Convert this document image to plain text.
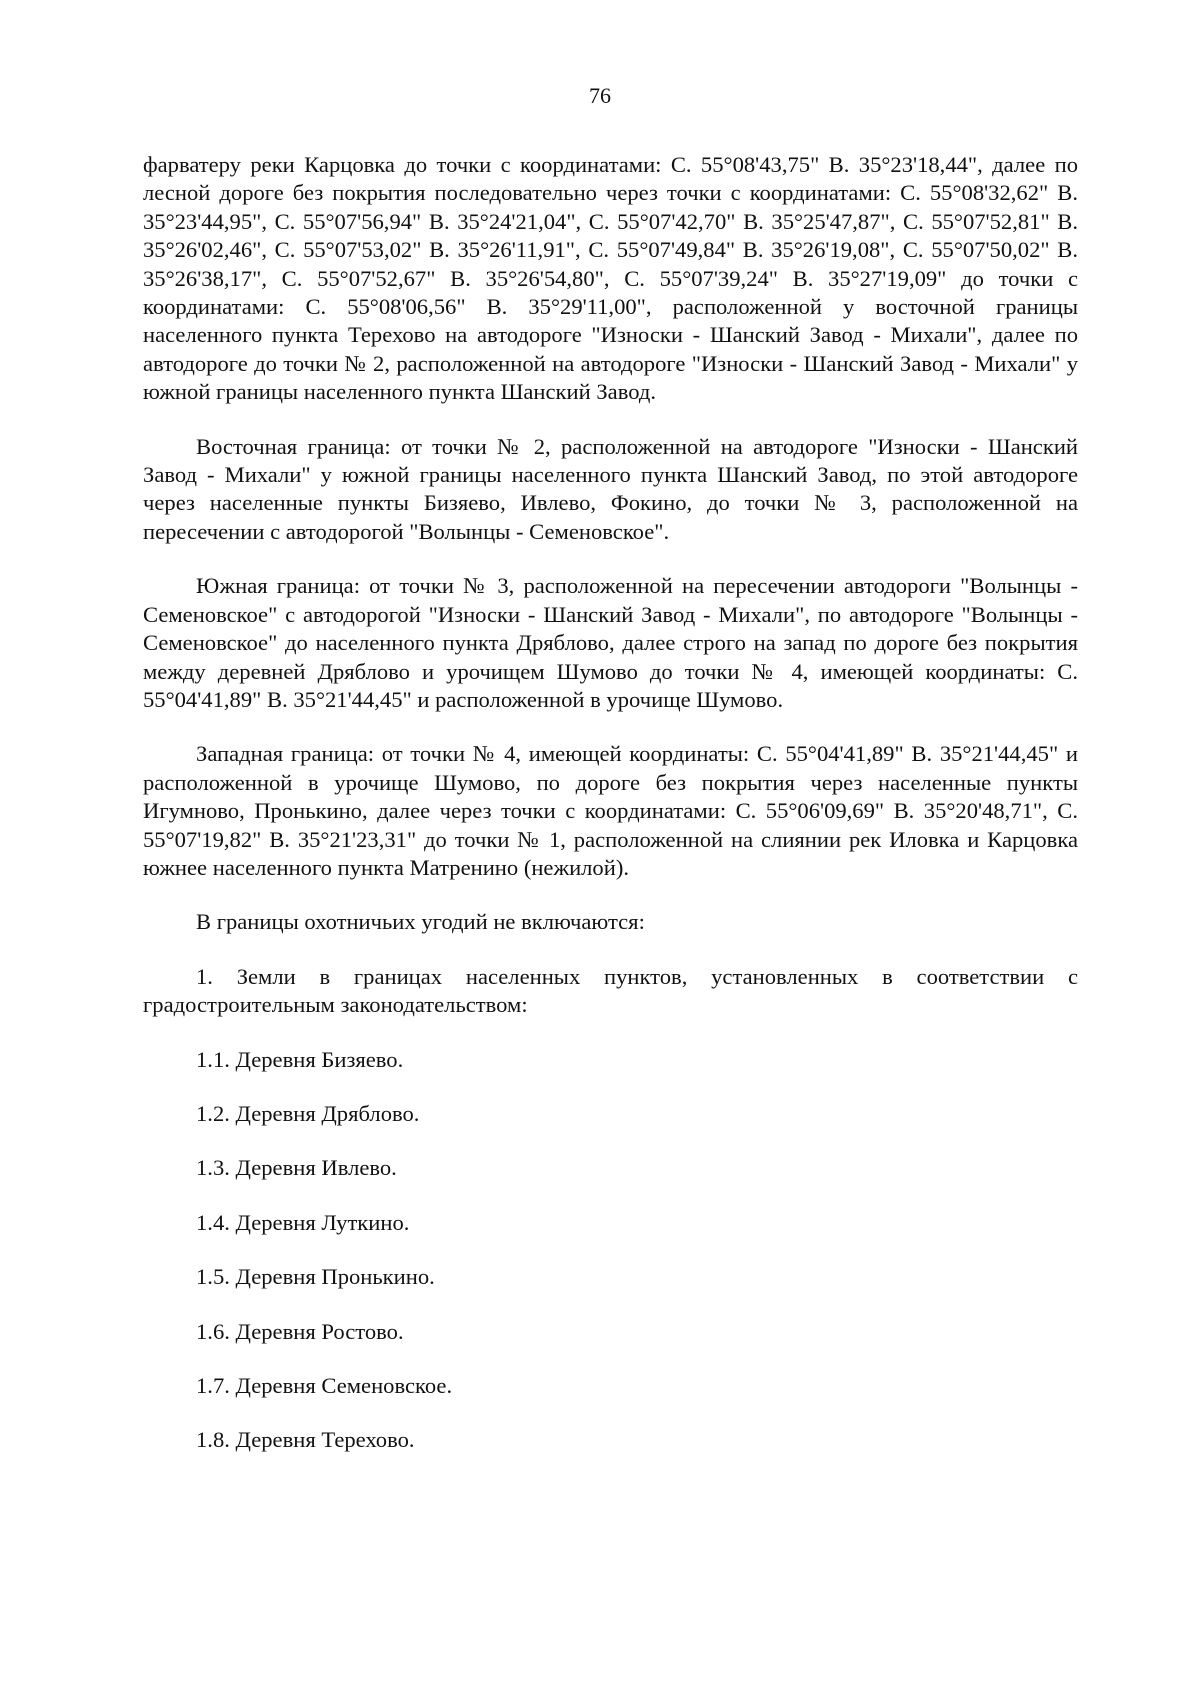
76

фарватеру реки Карцовка до точки с координатами: С. 55°08'43,75" В. 35°23'18,44", далее по лесной дороге без покрытия последовательно через точки с координатами: С. 55°08'32,62" В. 35°23'44,95", С. 55°07'56,94" В. 35°24'21,04", С. 55°07'42,70" В. 35°25'47,87", С. 55°07'52,81" В. 35°26'02,46", С. 55°07'53,02" В. 35°26'11,91", С. 55°07'49,84" В. 35°26'19,08", С. 55°07'50,02" В. 35°26'38,17", С. 55°07'52,67" В. 35°26'54,80", С. 55°07'39,24" В. 35°27'19,09" до точки с координатами: С. 55°08'06,56" В. 35°29'11,00", расположенной у восточной границы населенного пункта Терехово на автодороге "Износки - Шанский Завод - Михали", далее по автодороге до точки № 2, расположенной на автодороге "Износки - Шанский Завод - Михали" у южной границы населенного пункта Шанский Завод.

Восточная граница: от точки № 2, расположенной на автодороге "Износки - Шанский Завод - Михали" у южной границы населенного пункта Шанский Завод, по этой автодороге через населенные пункты Бизяево, Ивлево, Фокино, до точки № 3, расположенной на пересечении с автодорогой "Волынцы - Семеновское".

Южная граница: от точки № 3, расположенной на пересечении автодороги "Волынцы - Семеновское" с автодорогой "Износки - Шанский Завод - Михали", по автодороге "Волынцы - Семеновское" до населенного пункта Дряблово, далее строго на запад по дороге без покрытия между деревней Дряблово и урочищем Шумово до точки № 4, имеющей координаты: С. 55°04'41,89" В. 35°21'44,45" и расположенной в урочище Шумово.

Западная граница: от точки № 4, имеющей координаты: С. 55°04'41,89" В. 35°21'44,45" и расположенной в урочище Шумово, по дороге без покрытия через населенные пункты Игумново, Пронькино, далее через точки с координатами: С. 55°06'09,69" В. 35°20'48,71", С. 55°07'19,82" В. 35°21'23,31" до точки № 1, расположенной на слиянии рек Иловка и Карцовка южнее населенного пункта Матренино (нежилой).

В границы охотничьих угодий не включаются:

1. Земли в границах населенных пунктов, установленных в соответствии с градостроительным законодательством:

1.1. Деревня Бизяево.

1.2. Деревня Дряблово.

1.3. Деревня Ивлево.

1.4. Деревня Луткино.

1.5. Деревня Пронькино.

1.6. Деревня Ростово.

1.7. Деревня Семеновское.

1.8. Деревня Терехово.
